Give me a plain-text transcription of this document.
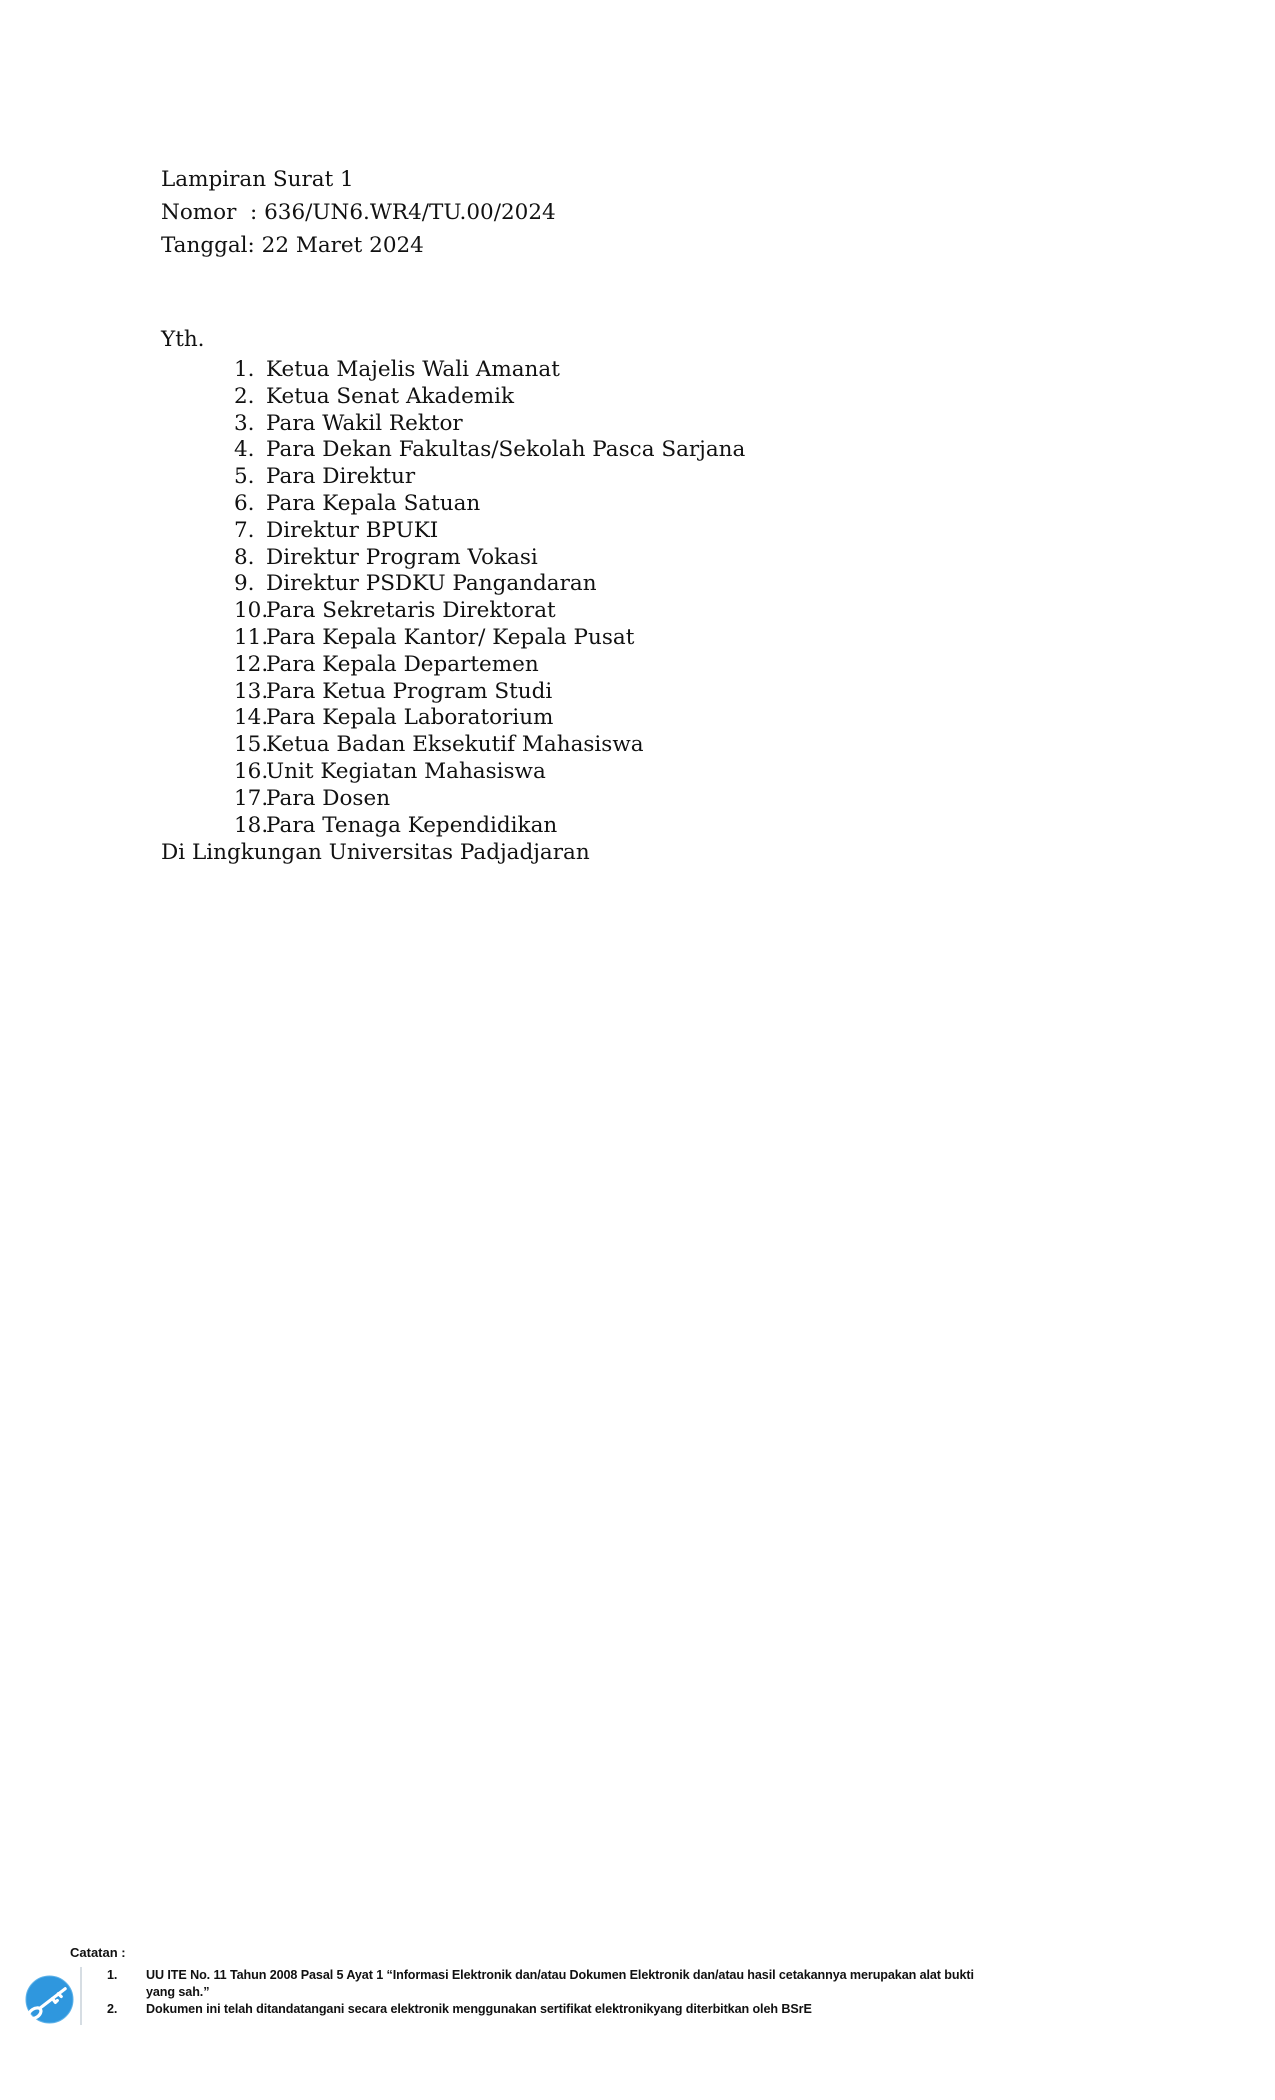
Lampiran Surat 1
Nomor  : 636/UN6.WR4/TU.00/2024
Tanggal: 22 Maret 2024
Yth.
1. Ketua Majelis Wali Amanat
2. Ketua Senat Akademik
3. Para Wakil Rektor
4. Para Dekan Fakultas/Sekolah Pasca Sarjana
5. Para Direktur
6. Para Kepala Satuan
7. Direktur BPUKI
8. Direktur Program Vokasi
9. Direktur PSDKU Pangandaran
10.
Para Sekretaris Direktorat
11.
Para Kepala Kantor/ Kepala Pusat
12.
Para Kepala Departemen
13.
Para Ketua Program Studi
14.
Para Kepala Laboratorium
15.
Ketua Badan Eksekutif Mahasiswa
16.
Unit Kegiatan Mahasiswa
17.
Para Dosen
18.
Para Tenaga Kependidikan
Di Lingkungan Universitas Padjadjaran
Catatan :
1.	UU ITE No. 11 Tahun 2008 Pasal 5 Ayat 1 “Informasi Elektronik dan/atau Dokumen Elektronik dan/atau hasil cetakannya merupakan alat bukti yang sah.”
2.	Dokumen ini telah ditandatangani secara elektronik menggunakan sertifikat elektronikyang diterbitkan oleh BSrE
